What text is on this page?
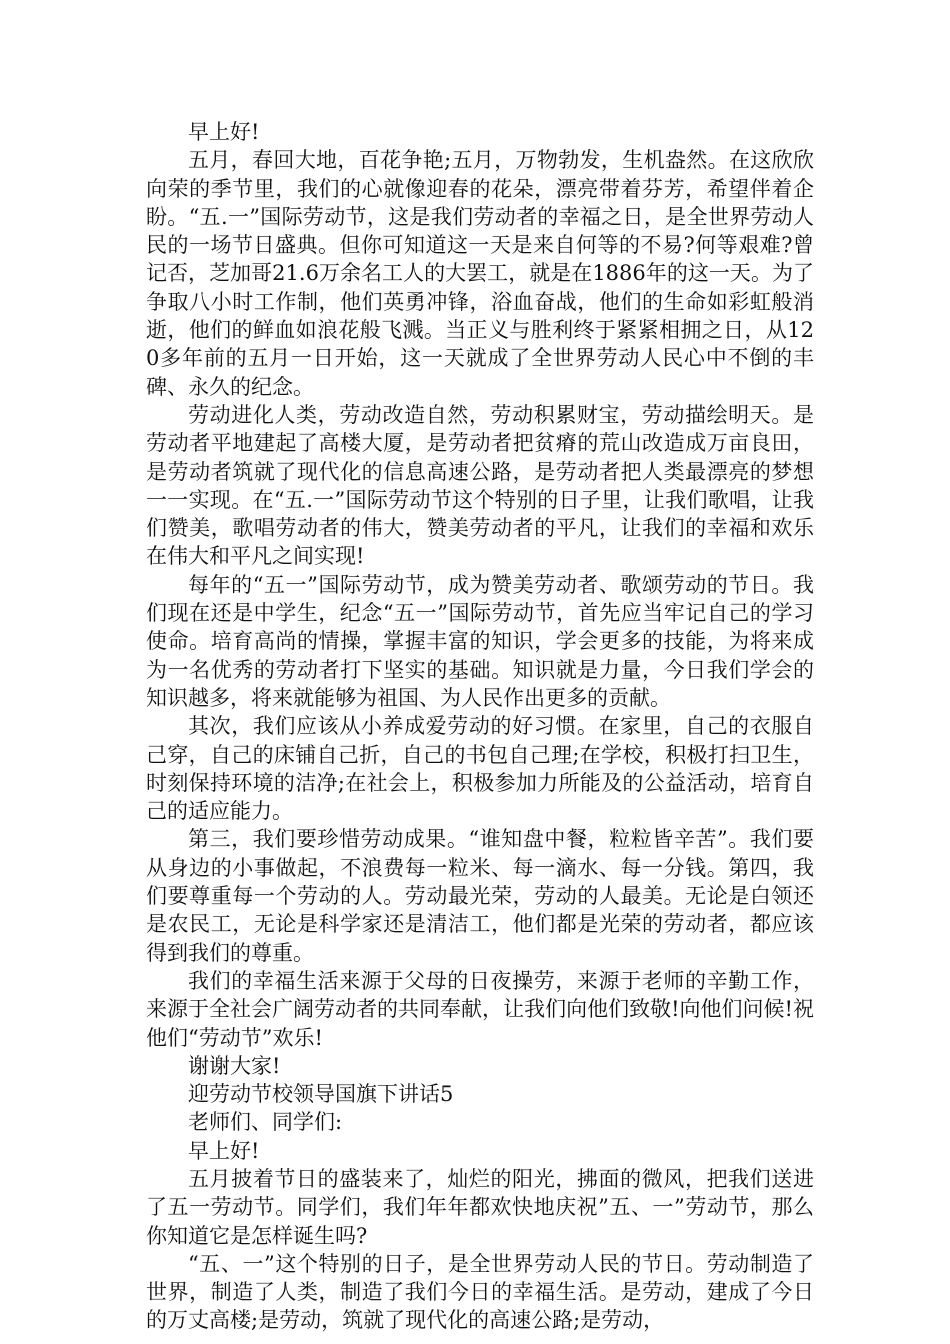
早上好!

五月，春回大地，百花争艳;五月，万物勃发，生机盎然。在这欣欣向荣的季节里，我们的心就像迎春的花朵，漂亮带着芬芳，希望伴着企盼。“五.一”国际劳动节，这是我们劳动者的幸福之日，是全世界劳动人民的一场节日盛典。但你可知道这一天是来自何等的不易?何等艰难?曾记否，芝加哥21.6万余名工人的大罢工，就是在1886年的这一天。为了争取八小时工作制，他们英勇冲锋，浴血奋战，他们的生命如彩虹般消逝，他们的鲜血如浪花般飞溅。当正义与胜利终于紧紧相拥之日，从120多年前的五月一日开始，这一天就成了全世界劳动人民心中不倒的丰碑、永久的纪念。

劳动进化人类，劳动改造自然，劳动积累财宝，劳动描绘明天。是劳动者平地建起了高楼大厦，是劳动者把贫瘠的荒山改造成万亩良田，是劳动者筑就了现代化的信息高速公路，是劳动者把人类最漂亮的梦想一一实现。在“五.一”国际劳动节这个特别的日子里，让我们歌唱，让我们赞美，歌唱劳动者的伟大，赞美劳动者的平凡，让我们的幸福和欢乐在伟大和平凡之间实现!

每年的“五一”国际劳动节，成为赞美劳动者、歌颂劳动的节日。我们现在还是中学生，纪念“五一”国际劳动节，首先应当牢记自己的学习使命。培育高尚的情操，掌握丰富的知识，学会更多的技能，为将来成为一名优秀的劳动者打下坚实的基础。知识就是力量，今日我们学会的知识越多，将来就能够为祖国、为人民作出更多的贡献。

其次，我们应该从小养成爱劳动的好习惯。在家里，自己的衣服自己穿，自己的床铺自己折，自己的书包自己理;在学校，积极打扫卫生，时刻保持环境的洁净;在社会上，积极参加力所能及的公益活动，培育自己的适应能力。

第三，我们要珍惜劳动成果。“谁知盘中餐，粒粒皆辛苦”。我们要从身边的小事做起，不浪费每一粒米、每一滴水、每一分钱。第四，我们要尊重每一个劳动的人。劳动最光荣，劳动的人最美。无论是白领还是农民工，无论是科学家还是清洁工，他们都是光荣的劳动者，都应该得到我们的尊重。

我们的幸福生活来源于父母的日夜操劳，来源于老师的辛勤工作，来源于全社会广阔劳动者的共同奉献，让我们向他们致敬!向他们问候!祝他们“劳动节”欢乐!

谢谢大家!

迎劳动节校领导国旗下讲话5

老师们、同学们:

早上好!

五月披着节日的盛装来了，灿烂的阳光，拂面的微风，把我们送进了五一劳动节。同学们，我们年年都欢快地庆祝”五、一”劳动节，那么你知道它是怎样诞生吗?

“五、一”这个特别的日子，是全世界劳动人民的节日。劳动制造了世界，制造了人类，制造了我们今日的幸福生活。是劳动，建成了今日的万丈高楼;是劳动，筑就了现代化的高速公路;是劳动，
